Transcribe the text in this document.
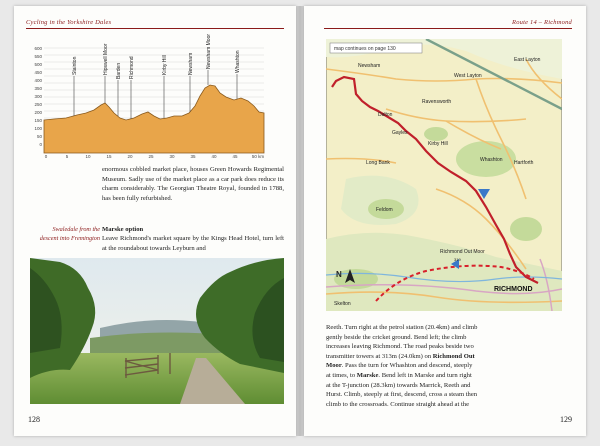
Cycling in the Yorkshire Dales
600
550
500
450
400
350
300
250
200
150
100
50
0
0	5	10	15	20	25	30	35	40	45	50 km
Stainton	Hipswell Moor Barden Richmond	Kirby Hill	Newsham Newsham Moor	Whashton
enormous cobbled market place, houses Green Howards Regimental Museum. Sadly use of the market place as a car park does reduce its charm considerably. The Georgian Theatre Royal, founded in 1788, has been fully refurbished.
Swaledale from the descent into Fremington
Marske option
Leave Richmond's market square by the Kings Head Hotel, turn left at the roundabout towards Leyburn and
128
Route 14 – Richmond
N
map continues on page 130
Newsham
West Layton
East Layton
Dalton
Ravensworth
Gayles
Kirby Hill
Whashton Hartforth
Long Bank
Feldom
Richmond Out Moor
Skelton
319
RICHMOND
Reeth. Turn right at the petrol station (20.4km) and climb
gently beside the cricket ground. Bend left; the climb
increases leaving Richmond. The road peaks beside two
transmitter towers at 313m (24.0km) on Richmond Out
Moor. Pass the turn for Whashton and descend, steeply
at times, to Marske. Bend left in Marske and turn right
at the T-junction (28.3km) towards Marrick, Reeth and
Hurst. Climb, steeply at first, descend, cross a steam then
climb to the crossroads. Continue straight ahead at the
129
